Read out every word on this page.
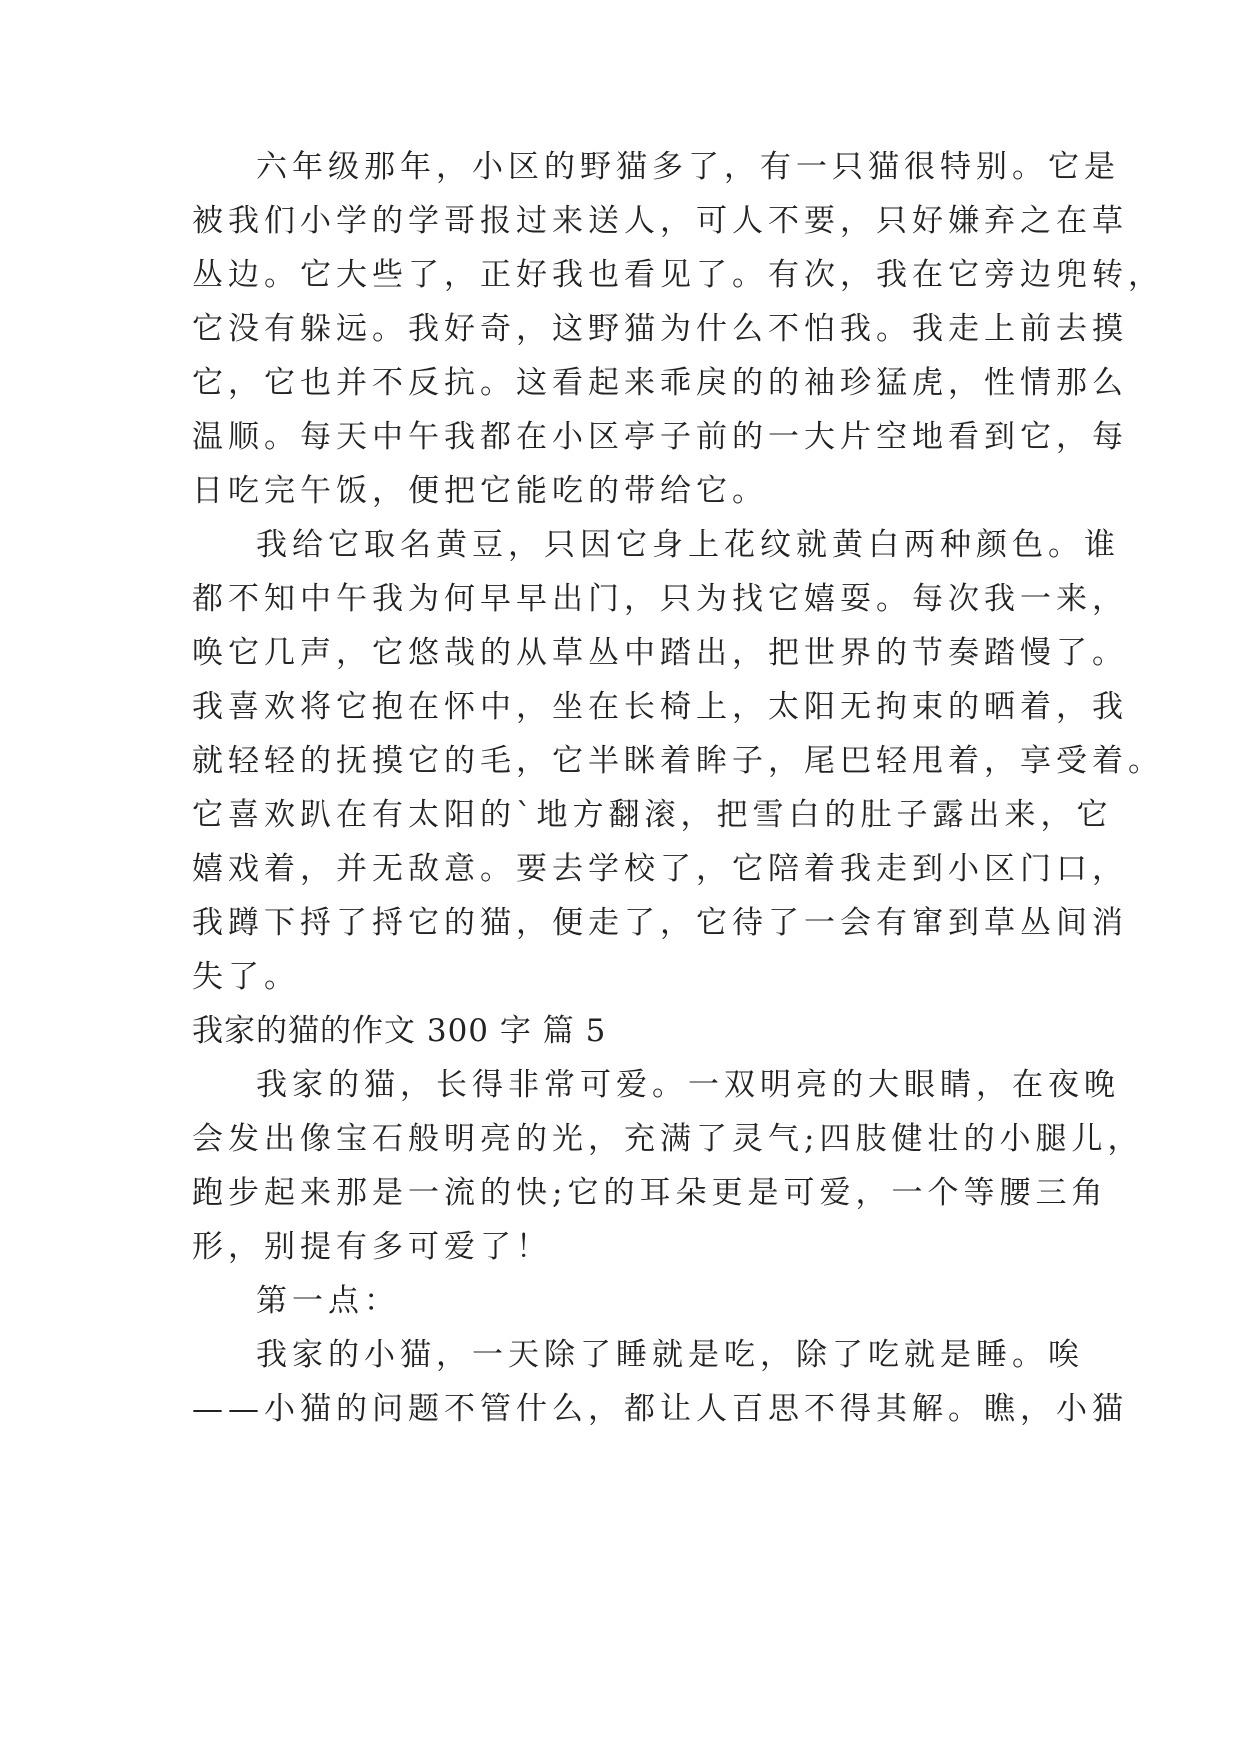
六年级那年，小区的野猫多了，有一只猫很特别。它是
被我们小学的学哥报过来送人，可人不要，只好嫌弃之在草
丛边。它大些了，正好我也看见了。有次，我在它旁边兜转，
它没有躲远。我好奇，这野猫为什么不怕我。我走上前去摸
它，它也并不反抗。这看起来乖戾的的袖珍猛虎，性情那么
温顺。每天中午我都在小区亭子前的一大片空地看到它，每
日吃完午饭，便把它能吃的带给它。
我给它取名黄豆，只因它身上花纹就黄白两种颜色。谁
都不知中午我为何早早出门，只为找它嬉耍。每次我一来，
唤它几声，它悠哉的从草丛中踏出，把世界的节奏踏慢了。
我喜欢将它抱在怀中，坐在长椅上，太阳无拘束的晒着，我
就轻轻的抚摸它的毛，它半眯着眸子，尾巴轻甩着，享受着。
它喜欢趴在有太阳的`地方翻滚，把雪白的肚子露出来，它
嬉戏着，并无敌意。要去学校了，它陪着我走到小区门口，
我蹲下捋了捋它的猫，便走了，它待了一会有窜到草丛间消
失了。
我家的猫的作文 300 字 篇 5
我家的猫，长得非常可爱。一双明亮的大眼睛，在夜晚
会发出像宝石般明亮的光，充满了灵气;四肢健壮的小腿儿，
跑步起来那是一流的快;它的耳朵更是可爱，一个等腰三角
形，别提有多可爱了！
第一点：
我家的小猫，一天除了睡就是吃，除了吃就是睡。唉
——小猫的问题不管什么，都让人百思不得其解。瞧，小猫
